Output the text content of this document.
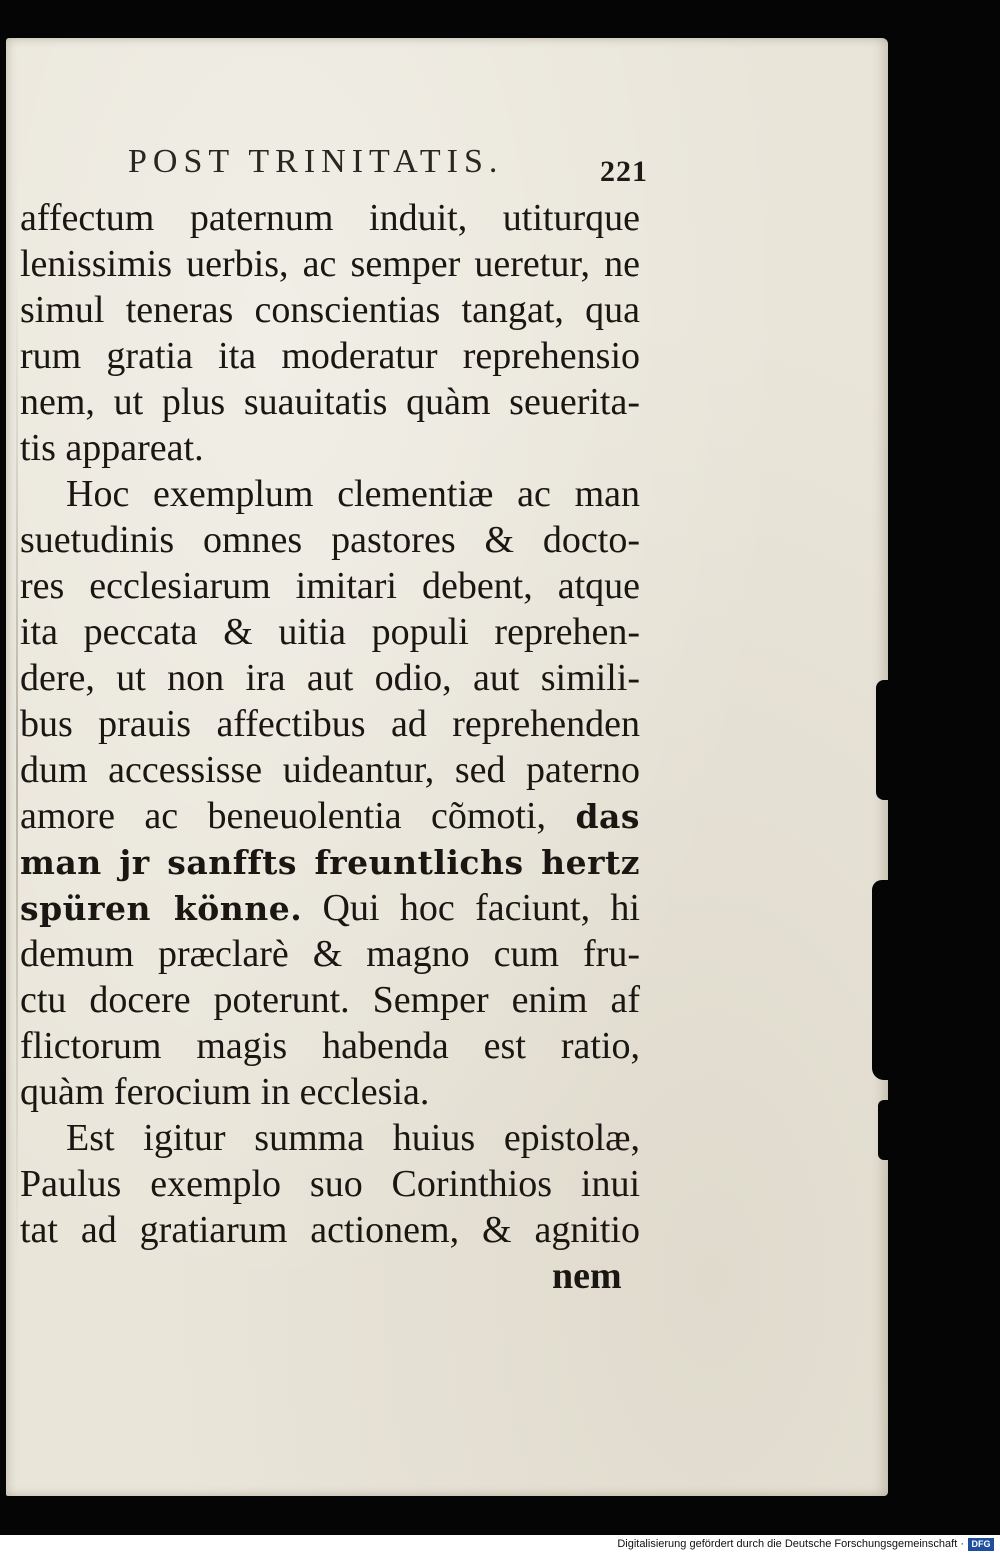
POST TRINITATIS.	221
affectum paternum induit, utiturque
lenissimis uerbis, ac semper ueretur, ne
simul teneras conscientias tangat, qua
rum gratia ita moderatur reprehensio
nem, ut plus suauitatis quàm seuerita-
tis appareat.
Hoc exemplum clementiæ ac man
suetudinis omnes pastores & docto-
res ecclesiarum imitari debent, atque
ita peccata & uitia populi reprehen-
dere, ut non ira aut odio, aut simili-
bus prauis affectibus ad reprehenden
dum accessisse uideantur, sed paterno
amore ac beneuolentia cõmoti, das
man jr sanffts freuntlichs hertz
spüren könne. Qui hoc faciunt, hi
demum præclarè & magno cum fru-
ctu docere poterunt. Semper enim af
flictorum magis habenda est ratio,
quàm ferocium in ecclesia.
Est igitur summa huius epistolæ,
Paulus exemplo suo Corinthios inui
tat ad gratiarum actionem, & agnitio
nem
Digitalisierung gefördert durch die Deutsche Forschungsgemeinschaft · DFG
